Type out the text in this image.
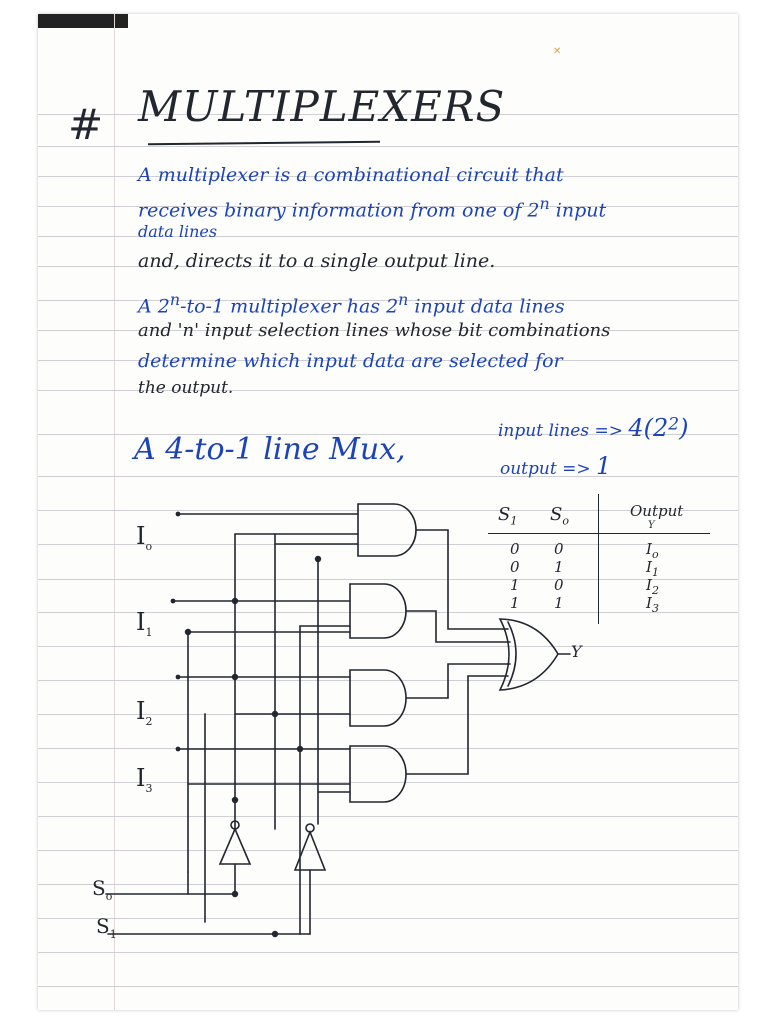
✕
# MULTIPLEXERS
A multiplexer is a combinational circuit that
receives binary information from one of 2$^n$ input
data lines
and, directs it to a single output line.
A 2$^n$-to-1 multiplexer has 2$^n$ input data lines
and 'n' input selection lines whose bit combinations
determine which input data are selected for
the output.
A 4-to-1 line Mux,
input lines => 4(2$^2$)
output => 1
$S_1$ $S_o$
Output
Y
$I_o$
$I_1$
$I_2$
$I_3$
$S_o$
$S_1$
Y
0 0	$I_o$
0 1	$I_1$
1 0	$I_2$
1 1	$I_3$
